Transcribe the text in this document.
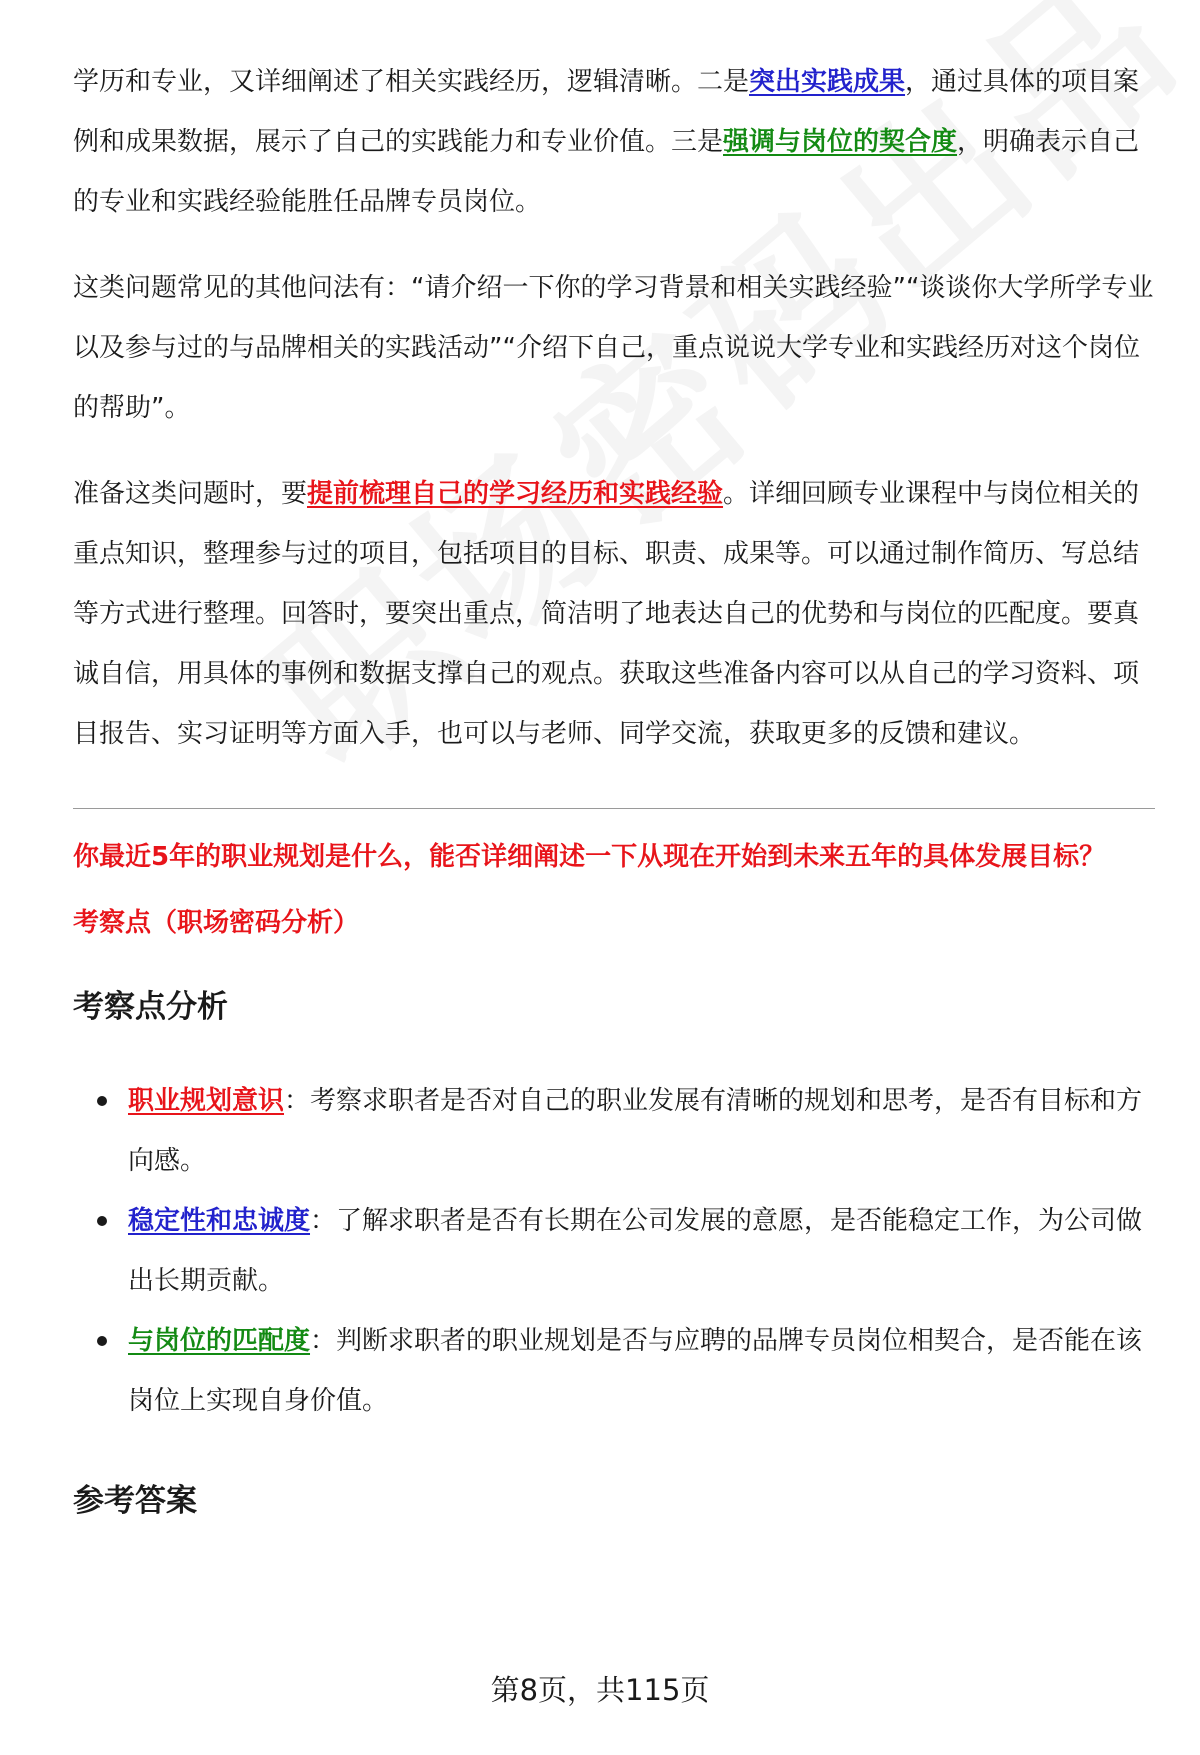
学历和专业，又详细阐述了相关实践经历，逻辑清晰。二是突出实践成果，通过具体的项目案例和成果数据，展示了自己的实践能力和专业价值。三是强调与岗位的契合度，明确表示自己的专业和实践经验能胜任品牌专员岗位。

这类问题常见的其他问法有：“请介绍一下你的学习背景和相关实践经验”“谈谈你大学所学专业以及参与过的与品牌相关的实践活动”“介绍下自己，重点说说大学专业和实践经历对这个岗位的帮助”。

准备这类问题时，要提前梳理自己的学习经历和实践经验。详细回顾专业课程中与岗位相关的重点知识，整理参与过的项目，包括项目的目标、职责、成果等。可以通过制作简历、写总结等方式进行整理。回答时，要突出重点，简洁明了地表达自己的优势和与岗位的匹配度。要真诚自信，用具体的事例和数据支撑自己的观点。获取这些准备内容可以从自己的学习资料、项目报告、实习证明等方面入手，也可以与老师、同学交流，获取更多的反馈和建议。

你最近5年的职业规划是什么，能否详细阐述一下从现在开始到未来五年的具体发展目标？

考察点（职场密码分析）

考察点分析
职业规划意识：考察求职者是否对自己的职业发展有清晰的规划和思考，是否有目标和方向感。
稳定性和忠诚度：了解求职者是否有长期在公司发展的意愿，是否能稳定工作，为公司做出长期贡献。
与岗位的匹配度：判断求职者的职业规划是否与应聘的品牌专员岗位相契合，是否能在该岗位上实现自身价值。
参考答案
第8页，共115页
